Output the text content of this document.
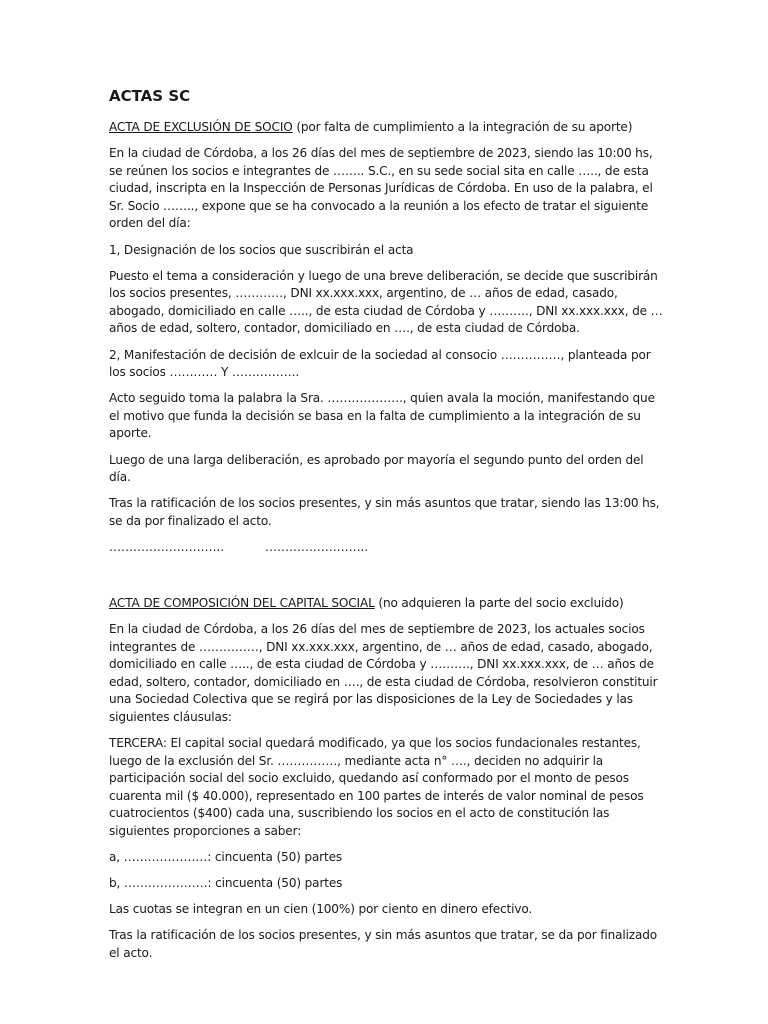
ACTAS SC

ACTA DE EXCLUSIÓN DE SOCIO (por falta de cumplimiento a la integración de su aporte)

En la ciudad de Córdoba, a los 26 días del mes de septiembre de 2023, siendo las 10:00 hs, se reúnen los socios e integrantes de …….. S.C., en su sede social sita en calle ….., de esta ciudad, inscripta en la Inspección de Personas Jurídicas de Córdoba. En uso de la palabra, el Sr. Socio …….., expone que se ha convocado a la reunión a los efecto de tratar el siguiente orden del día:

1, Designación de los socios que suscribirán el acta

Puesto el tema a consideración y luego de una breve deliberación, se decide que suscribirán los socios presentes, …………, DNI xx.xxx.xxx, argentino, de … años de edad, casado, abogado, domiciliado en calle ….., de esta ciudad de Córdoba y ………., DNI xx.xxx.xxx, de … años de edad, soltero, contador, domiciliado en …., de esta ciudad de Córdoba.

2, Manifestación de decisión de exlcuir de la sociedad al consocio ……………, planteada por los socios ………… Y ……………..

Acto seguido toma la palabra la Sra. ………………., quien avala la moción, manifestando que el motivo que funda la decisión se basa en la falta de cumplimiento a la integración de su aporte.

Luego de una larga deliberación, es aprobado por mayoría el segundo punto del orden del día.

Tras la ratificación de los socios presentes, y sin más asuntos que tratar, siendo las 13:00 hs, se da por finalizado el acto.

………………………..	……………………..

ACTA DE COMPOSICIÓN DEL CAPITAL SOCIAL (no adquieren la parte del socio excluido)

En la ciudad de Córdoba, a los 26 días del mes de septiembre de 2023, los actuales socios integrantes de ……………, DNI xx.xxx.xxx, argentino, de … años de edad, casado, abogado, domiciliado en calle ….., de esta ciudad de Córdoba y ………., DNI xx.xxx.xxx, de … años de edad, soltero, contador, domiciliado en …., de esta ciudad de Córdoba, resolvieron constituir una Sociedad Colectiva que se regirá por las disposiciones de la Ley de Sociedades y las siguientes cláusulas:

TERCERA: El capital social quedará modificado, ya que los socios fundacionales restantes, luego de la exclusión del Sr. ……………, mediante acta n° …., deciden no adquirir la participación social del socio excluido, quedando así conformado por el monto de pesos cuarenta mil ($ 40.000), representado en 100 partes de interés de valor nominal de pesos cuatrocientos ($400) cada una, suscribiendo los socios en el acto de constitución las siguientes proporciones a saber:

a, …………………: cincuenta (50) partes

b, …………………: cincuenta (50) partes

Las cuotas se integran en un cien (100%) por ciento en dinero efectivo.

Tras la ratificación de los socios presentes, y sin más asuntos que tratar, se da por finalizado el acto.
